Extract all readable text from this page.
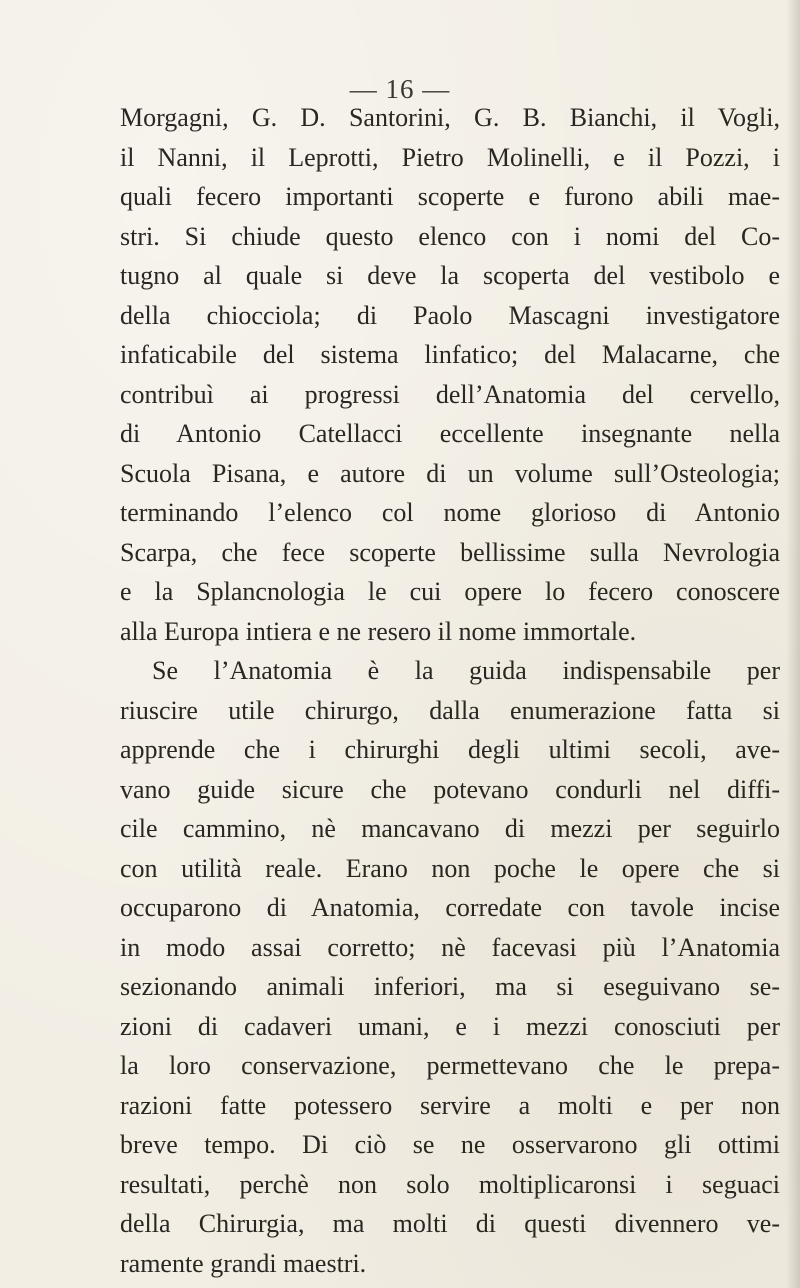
— 16 —
Morgagni, G. D. Santorini, G. B. Bianchi, il Vogli,
il Nanni, il Leprotti, Pietro Molinelli, e il Pozzi, i
quali fecero importanti scoperte e furono abili mae-
stri. Si chiude questo elenco con i nomi del Co-
tugno al quale si deve la scoperta del vestibolo e
della chiocciola; di Paolo Mascagni investigatore
infaticabile del sistema linfatico; del Malacarne, che
contribuì ai progressi dell’Anatomia del cervello,
di Antonio Catellacci eccellente insegnante nella
Scuola Pisana, e autore di un volume sull’Osteologia;
terminando l’elenco col nome glorioso di Antonio
Scarpa, che fece scoperte bellissime sulla Nevrologia
e la Splancnologia le cui opere lo fecero conoscere
alla Europa intiera e ne resero il nome immortale.
Se l’Anatomia è la guida indispensabile per
riuscire utile chirurgo, dalla enumerazione fatta si
apprende che i chirurghi degli ultimi secoli, ave-
vano guide sicure che potevano condurli nel diffi-
cile cammino, nè mancavano di mezzi per seguirlo
con utilità reale. Erano non poche le opere che si
occuparono di Anatomia, corredate con tavole incise
in modo assai corretto; nè facevasi più l’Anatomia
sezionando animali inferiori, ma si eseguivano se-
zioni di cadaveri umani, e i mezzi conosciuti per
la loro conservazione, permettevano che le prepa-
razioni fatte potessero servire a molti e per non
breve tempo. Di ciò se ne osservarono gli ottimi
resultati, perchè non solo moltiplicaronsi i seguaci
della Chirurgia, ma molti di questi divennero ve-
ramente grandi maestri.
